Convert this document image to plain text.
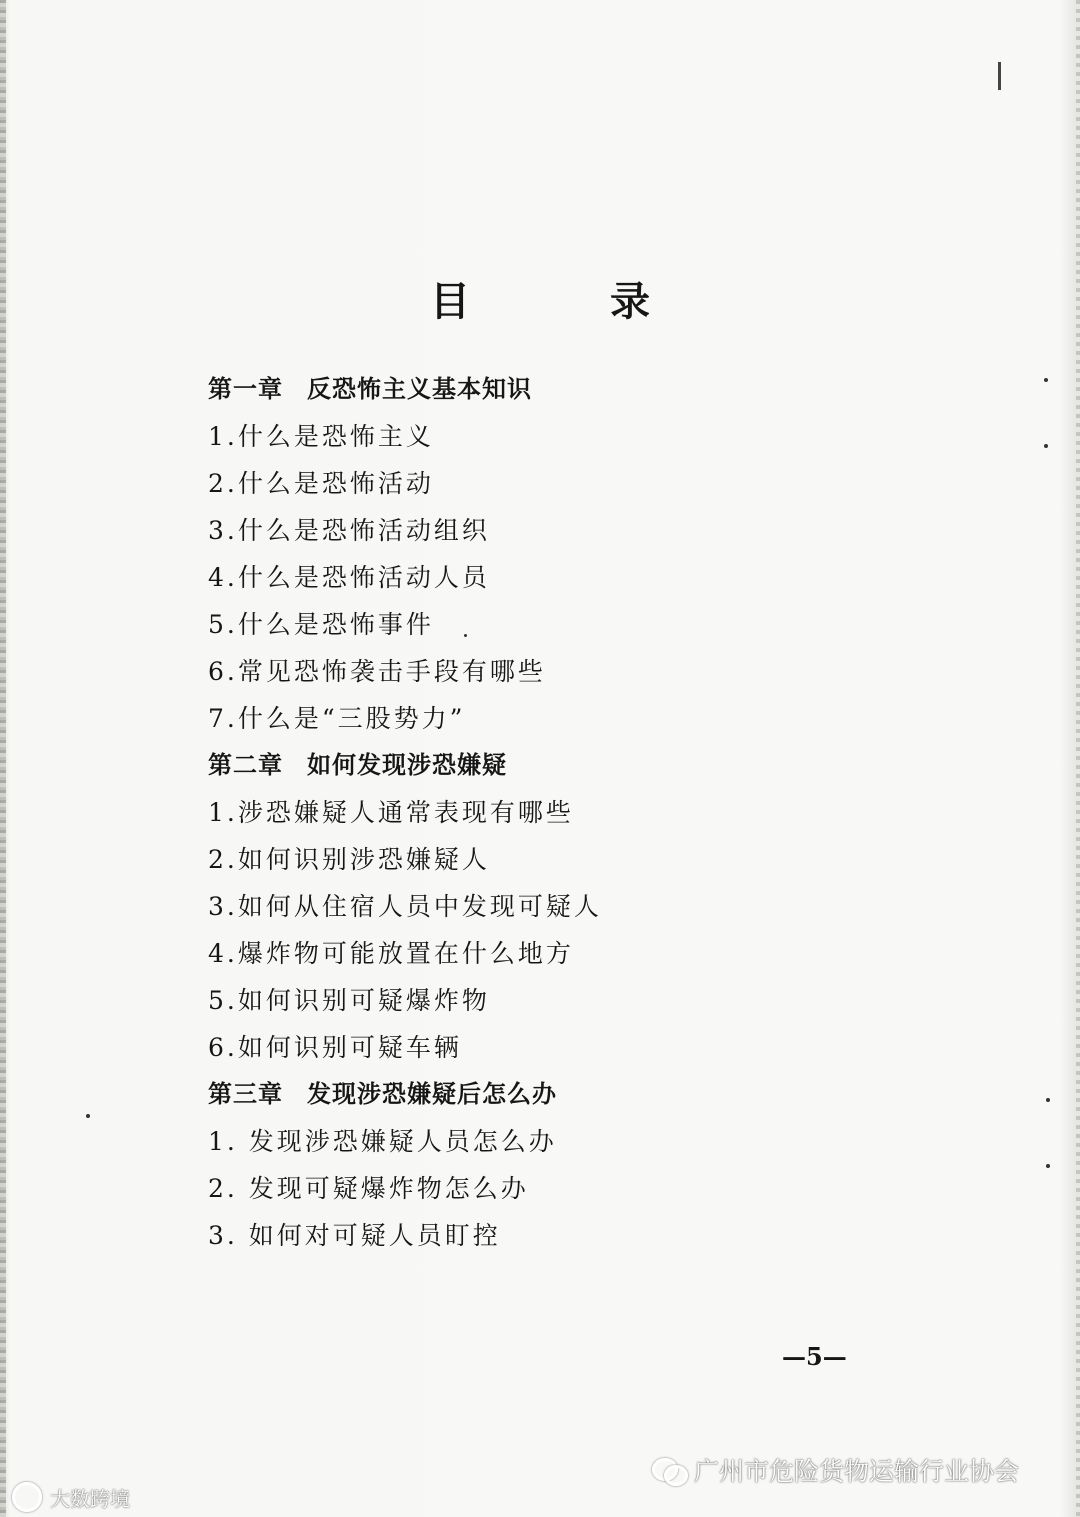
目　录
第一章 反恐怖主义基本知识
1.什么是恐怖主义
2.什么是恐怖活动
3.什么是恐怖活动组织
4.什么是恐怖活动人员
5.什么是恐怖事件
6.常见恐怖袭击手段有哪些
7.什么是“三股势力”
第二章 如何发现涉恐嫌疑
1.涉恐嫌疑人通常表现有哪些
2.如何识别涉恐嫌疑人
3.如何从住宿人员中发现可疑人
4.爆炸物可能放置在什么地方
5.如何识别可疑爆炸物
6.如何识别可疑车辆
第三章 发现涉恐嫌疑后怎么办
1. 发现涉恐嫌疑人员怎么办
2. 发现可疑爆炸物怎么办
3. 如何对可疑人员盯控
—5—
大数跨境
广州市危险货物运输行业协会
